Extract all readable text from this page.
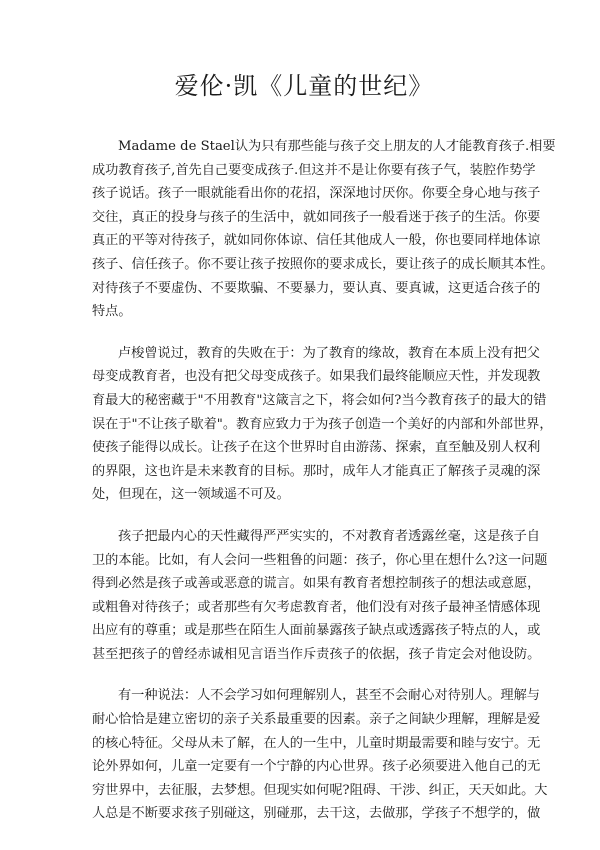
爱伦·凯《儿童的世纪》
Madame de Stael认为只有那些能与孩子交上朋友的人才能教育孩子.相要
成功教育孩子,首先自己要变成孩子.但这并不是让你要有孩子气，装腔作势学
孩子说话。孩子一眼就能看出你的花招，深深地讨厌你。你要全身心地与孩子
交往，真正的投身与孩子的生活中，就如同孩子一般看迷于孩子的生活。你要
真正的平等对待孩子，就如同你体谅、信任其他成人一般，你也要同样地体谅
孩子、信任孩子。你不要让孩子按照你的要求成长，要让孩子的成长顺其本性。
对待孩子不要虚伪、不要欺骗、不要暴力，要认真、要真诚，这更适合孩子的
特点。
卢梭曾说过，教育的失败在于：为了教育的缘故，教育在本质上没有把父
母变成教育者，也没有把父母变成孩子。如果我们最终能顺应天性，并发现教
育最大的秘密藏于"不用教育"这箴言之下，将会如何?当今教育孩子的最大的错
误在于"不让孩子歇着"。教育应致力于为孩子创造一个美好的内部和外部世界，
使孩子能得以成长。让孩子在这个世界时自由游荡、探索，直至触及别人权利
的界限，这也许是未来教育的目标。那时，成年人才能真正了解孩子灵魂的深
处，但现在，这一领域遥不可及。
孩子把最内心的天性藏得严严实实的，不对教育者透露丝毫，这是孩子自
卫的本能。比如，有人会问一些粗鲁的问题：孩子，你心里在想什么?这一问题
得到必然是孩子或善或恶意的谎言。如果有教育者想控制孩子的想法或意愿，
或粗鲁对待孩子；或者那些有欠考虑教育者，他们没有对孩子最神圣情感体现
出应有的尊重；或是那些在陌生人面前暴露孩子缺点或透露孩子特点的人，或
甚至把孩子的曾经赤诚相见言语当作斥责孩子的依据，孩子肯定会对他设防。
有一种说法：人不会学习如何理解别人，甚至不会耐心对待别人。理解与
耐心恰恰是建立密切的亲子关系最重要的因素。亲子之间缺少理解，理解是爱
的核心特征。父母从未了解，在人的一生中，儿童时期最需要和睦与安宁。无
论外界如何，儿童一定要有一个宁静的内心世界。孩子必须要进入他自己的无
穷世界中，去征服，去梦想。但现实如何呢?阻碍、干涉、纠正，天天如此。大
人总是不断要求孩子别碰这，别碰那，去干这，去做那，学孩子不想学的，做
